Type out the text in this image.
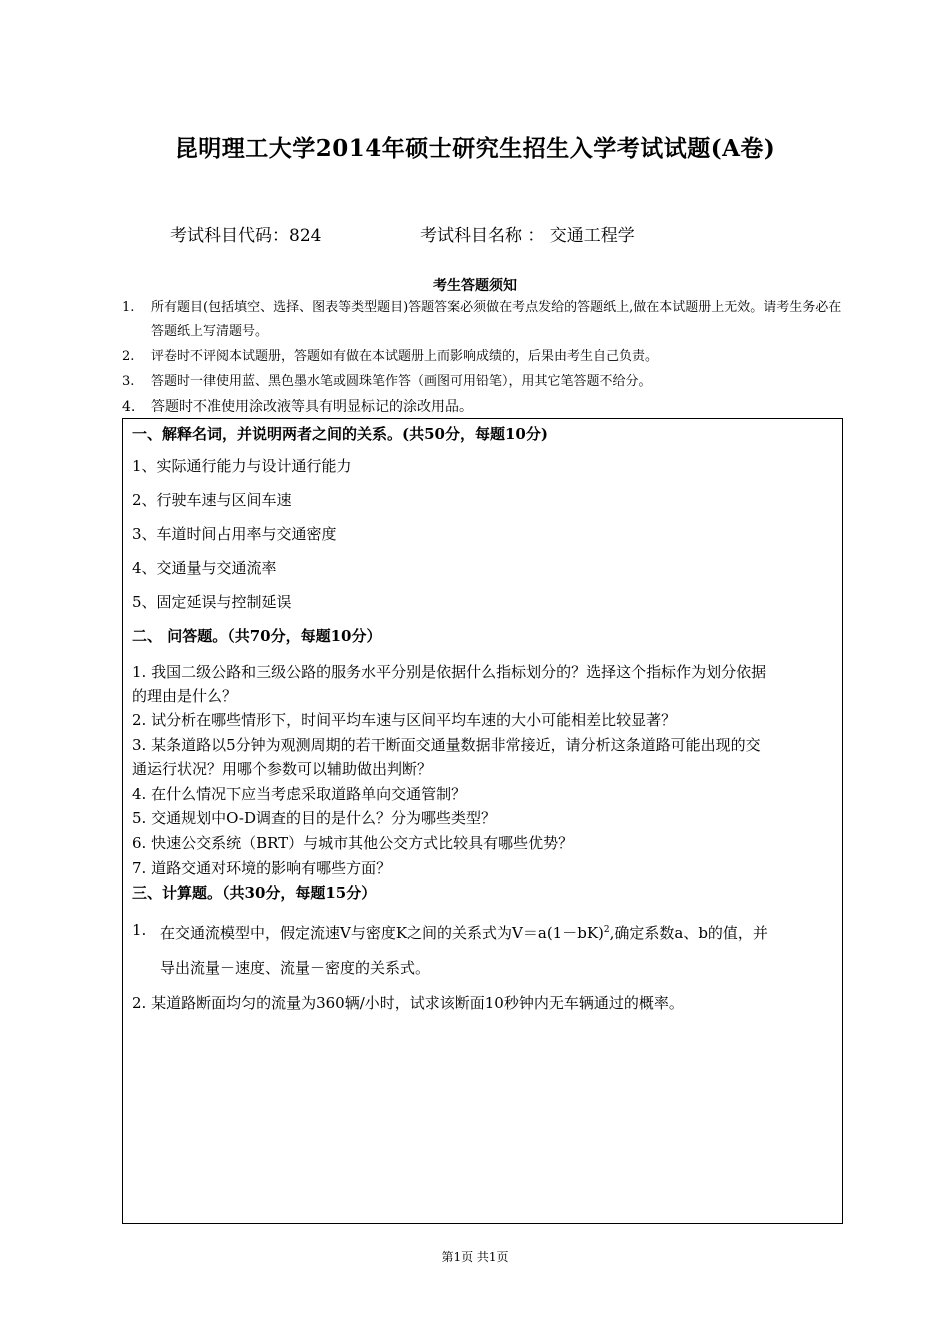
昆明理工大学2014年硕士研究生招生入学考试试题(A卷)
考试科目代码：824	考试科目名称 ： 交通工程学
考生答题须知
1. 所有题目(包括填空、选择、图表等类型题目)答题答案必须做在考点发给的答题纸上,做在本试题册上无效。请考生务必在答题纸上写清题号。
2. 评卷时不评阅本试题册，答题如有做在本试题册上而影响成绩的，后果由考生自己负责。
3. 答题时一律使用蓝、黑色墨水笔或圆珠笔作答（画图可用铅笔），用其它笔答题不给分。
4. 答题时不准使用涂改液等具有明显标记的涂改用品。
一、解释名词，并说明两者之间的关系。(共50分，每题10分)
1、实际通行能力与设计通行能力
2、行驶车速与区间车速
3、车道时间占用率与交通密度
4、交通量与交通流率
5、固定延误与控制延误
二、 问答题。（共70分，每题10分）
1. 我国二级公路和三级公路的服务水平分别是依据什么指标划分的？选择这个指标作为划分依据
的理由是什么？
2. 试分析在哪些情形下，时间平均车速与区间平均车速的大小可能相差比较显著？
3. 某条道路以5分钟为观测周期的若干断面交通量数据非常接近，请分析这条道路可能出现的交
通运行状况？用哪个参数可以辅助做出判断？
4. 在什么情况下应当考虑采取道路单向交通管制？
5. 交通规划中O-D调查的目的是什么？分为哪些类型？
6. 快速公交系统（BRT）与城市其他公交方式比较具有哪些优势？
7. 道路交通对环境的影响有哪些方面？
三、计算题。（共30分，每题15分）
1. 在交通流模型中，假定流速V与密度K之间的关系式为$V=a(1-bK)^2$,确定系数a、b的值，并
导出流量－速度、流量－密度的关系式。
2. 某道路断面均匀的流量为360辆/小时，试求该断面10秒钟内无车辆通过的概率。
第1页 共1页
